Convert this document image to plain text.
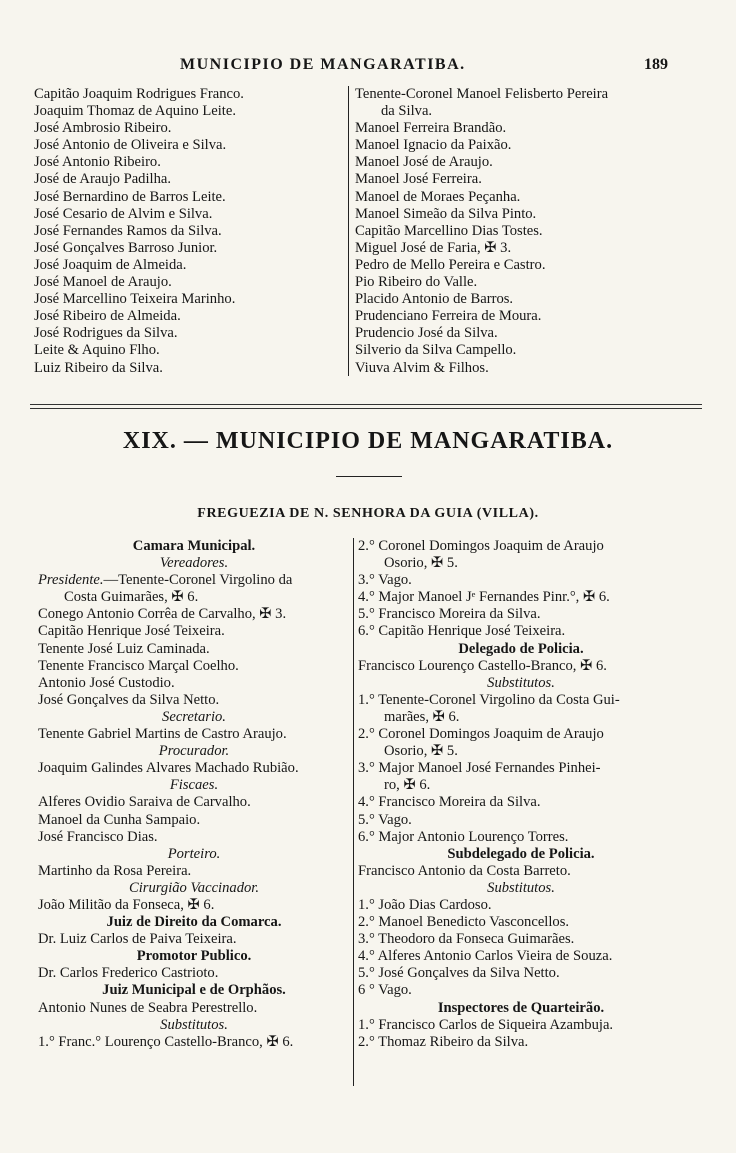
MUNICIPIO DE MANGARATIBA.	189
Capitão Joaquim Rodrigues Franco.
Joaquim Thomaz de Aquino Leite.
José Ambrosio Ribeiro.
José Antonio de Oliveira e Silva.
José Antonio Ribeiro.
José de Araujo Padilha.
José Bernardino de Barros Leite.
José Cesario de Alvim e Silva.
José Fernandes Ramos da Silva.
José Gonçalves Barroso Junior.
José Joaquim de Almeida.
José Manoel de Araujo.
José Marcellino Teixeira Marinho.
José Ribeiro de Almeida.
José Rodrigues da Silva.
Leite & Aquino Flho.
Luiz Ribeiro da Silva.
Tenente-Coronel Manoel Felisberto Pereira
da Silva.
Manoel Ferreira Brandão.
Manoel Ignacio da Paixão.
Manoel José de Araujo.
Manoel José Ferreira.
Manoel de Moraes Peçanha.
Manoel Simeão da Silva Pinto.
Capitão Marcellino Dias Tostes.
Miguel José de Faria, ✠ 3.
Pedro de Mello Pereira e Castro.
Pio Ribeiro do Valle.
Placido Antonio de Barros.
Prudenciano Ferreira de Moura.
Prudencio José da Silva.
Silverio da Silva Campello.
Viuva Alvim & Filhos.
XIX. — MUNICIPIO DE MANGARATIBA.
FREGUEZIA DE N. SENHORA DA GUIA (VILLA).
Camara Municipal.
Vereadores.
Presidente.—Tenente-Coronel Virgolino da
Costa Guimarães, ✠ 6.
Conego Antonio Corrêa de Carvalho, ✠ 3.
Capitão Henrique José Teixeira.
Tenente José Luiz Caminada.
Tenente Francisco Marçal Coelho.
Antonio José Custodio.
José Gonçalves da Silva Netto.
Secretario.
Tenente Gabriel Martins de Castro Araujo.
Procurador.
Joaquim Galindes Alvares Machado Rubião.
Fiscaes.
Alferes Ovidio Saraiva de Carvalho.
Manoel da Cunha Sampaio.
José Francisco Dias.
Porteiro.
Martinho da Rosa Pereira.
Cirurgião Vaccinador.
João Militão da Fonseca, ✠ 6.
Juiz de Direito da Comarca.
Dr. Luiz Carlos de Paiva Teixeira.
Promotor Publico.
Dr. Carlos Frederico Castrioto.
Juiz Municipal e de Orphãos.
Antonio Nunes de Seabra Perestrello.
Substitutos.
1.° Franc.° Lourenço Castello-Branco, ✠ 6.
2.° Coronel Domingos Joaquim de Araujo
Osorio, ✠ 5.
3.° Vago.
4.° Major Manoel Jᵉ Fernandes Pinr.°, ✠ 6.
5.° Francisco Moreira da Silva.
6.° Capitão Henrique José Teixeira.
Delegado de Policia.
Francisco Lourenço Castello-Branco, ✠ 6.
Substitutos.
1.° Tenente-Coronel Virgolino da Costa Gui-
marães, ✠ 6.
2.° Coronel Domingos Joaquim de Araujo
Osorio, ✠ 5.
3.° Major Manoel José Fernandes Pinhei-
ro, ✠ 6.
4.° Francisco Moreira da Silva.
5.° Vago.
6.° Major Antonio Lourenço Torres.
Subdelegado de Policia.
Francisco Antonio da Costa Barreto.
Substitutos.
1.° João Dias Cardoso.
2.° Manoel Benedicto Vasconcellos.
3.° Theodoro da Fonseca Guimarães.
4.° Alferes Antonio Carlos Vieira de Souza.
5.° José Gonçalves da Silva Netto.
6 ° Vago.
Inspectores de Quarteirão.
1.° Francisco Carlos de Siqueira Azambuja.
2.° Thomaz Ribeiro da Silva.
